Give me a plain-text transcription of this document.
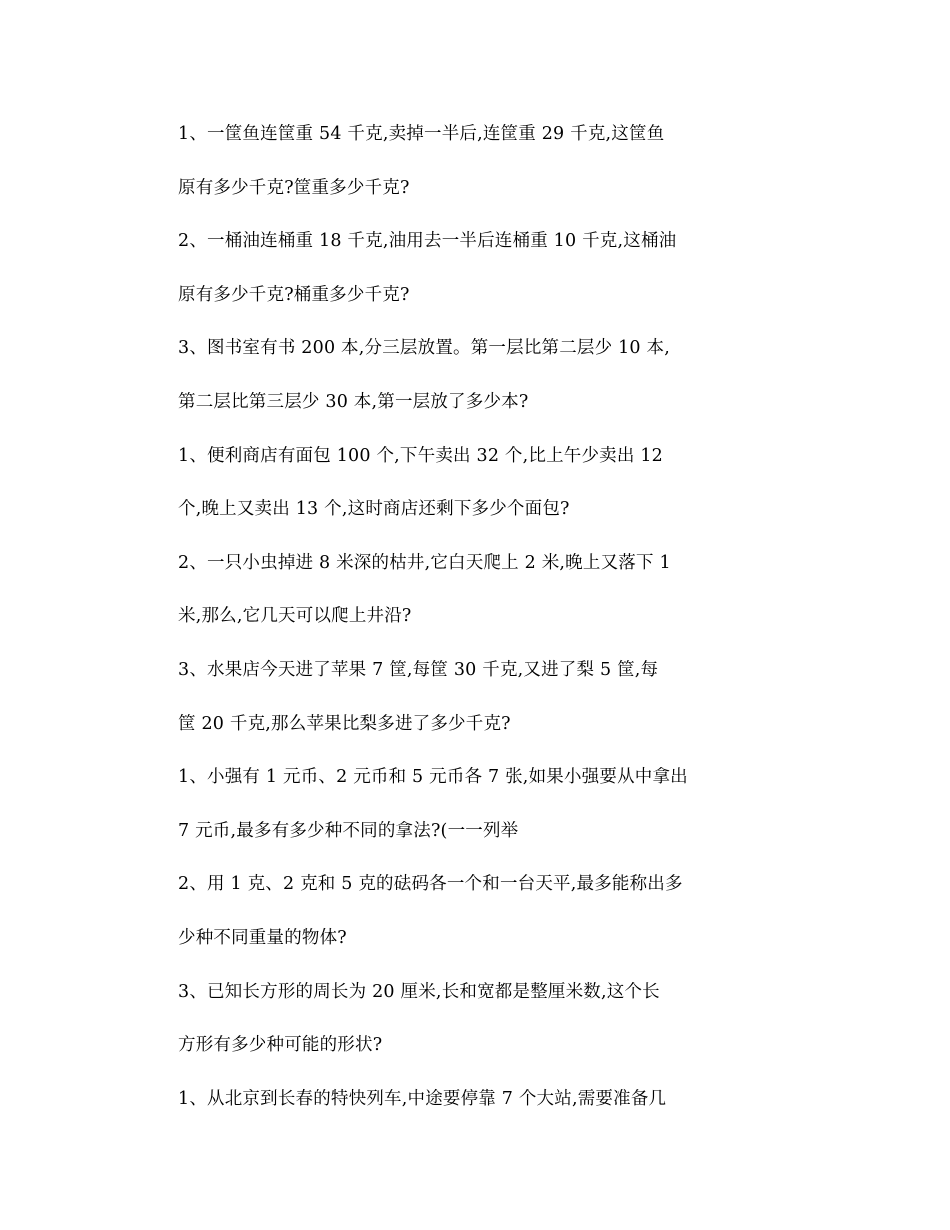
1、一筐鱼连筐重 54 千克,卖掉一半后,连筐重 29 千克,这筐鱼
原有多少千克?筐重多少千克?
2、一桶油连桶重 18 千克,油用去一半后连桶重 10 千克,这桶油
原有多少千克?桶重多少千克?
3、图书室有书 200 本,分三层放置。第一层比第二层少 10 本,
第二层比第三层少 30 本,第一层放了多少本?
1、便利商店有面包 100 个,下午卖出 32 个,比上午少卖出 12
个,晚上又卖出 13 个,这时商店还剩下多少个面包?
2、一只小虫掉进 8 米深的枯井,它白天爬上 2 米,晚上又落下 1
米,那么,它几天可以爬上井沿?
3、水果店今天进了苹果 7 筐,每筐 30 千克,又进了梨 5 筐,每
筐 20 千克,那么苹果比梨多进了多少千克?
1、小强有 1 元币、2 元币和 5 元币各 7 张,如果小强要从中拿出
7 元币,最多有多少种不同的拿法?(一一列举
2、用 1 克、2 克和 5 克的砝码各一个和一台天平,最多能称出多
少种不同重量的物体?
3、已知长方形的周长为 20 厘米,长和宽都是整厘米数,这个长
方形有多少种可能的形状?
1、从北京到长春的特快列车,中途要停靠 7 个大站,需要准备几
